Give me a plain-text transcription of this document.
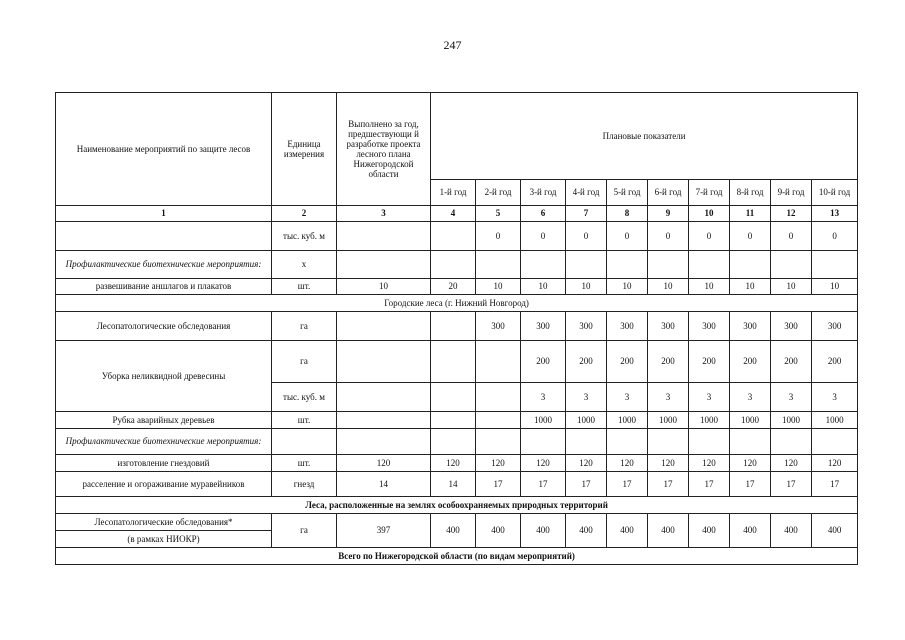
247
Наименование мероприятий по защите лесов	Единица измерения	Выполнено за год, предшествующи й разработке проекта лесного плана Нижегородской области	Плановые показатели									
			1-й год	2-й год	3-й год	4-й год	5-й год	6-й год	7-й год	8-й год	9-й год	10-й год
1	2	3	4	5	6	7	8	9	10	11	12	13
	тыс. куб. м			0	0	0	0	0	0	0	0	0
Профилактические биотехнические мероприятия:	х											
развешивание аншлагов и плакатов	шт.	10	20	10	10	10	10	10	10	10	10	10
Городские леса (г. Нижний Новгород)												
Лесопатологические обследования	га			300	300	300	300	300	300	300	300	300
Уборка неликвидной древесины	га				200	200	200	200	200	200	200	200
	тыс. куб. м				3	3	3	3	3	3	3	3
Рубка аварийных деревьев	шт.				1000	1000	1000	1000	1000	1000	1000	1000
Профилактические биотехнические мероприятия:												
изготовление гнездовий	шт.	120	120	120	120	120	120	120	120	120	120	120
расселение и огораживание муравейников	гнезд	14	14	17	17	17	17	17	17	17	17	17
Леса, расположенные на землях особоохраняемых природных территорий												
Лесопатологические обследования*	га	397	400	400	400	400	400	400	400	400	400	400
(в рамках НИОКР)												
Всего по Нижегородской области (по видам мероприятий)												
